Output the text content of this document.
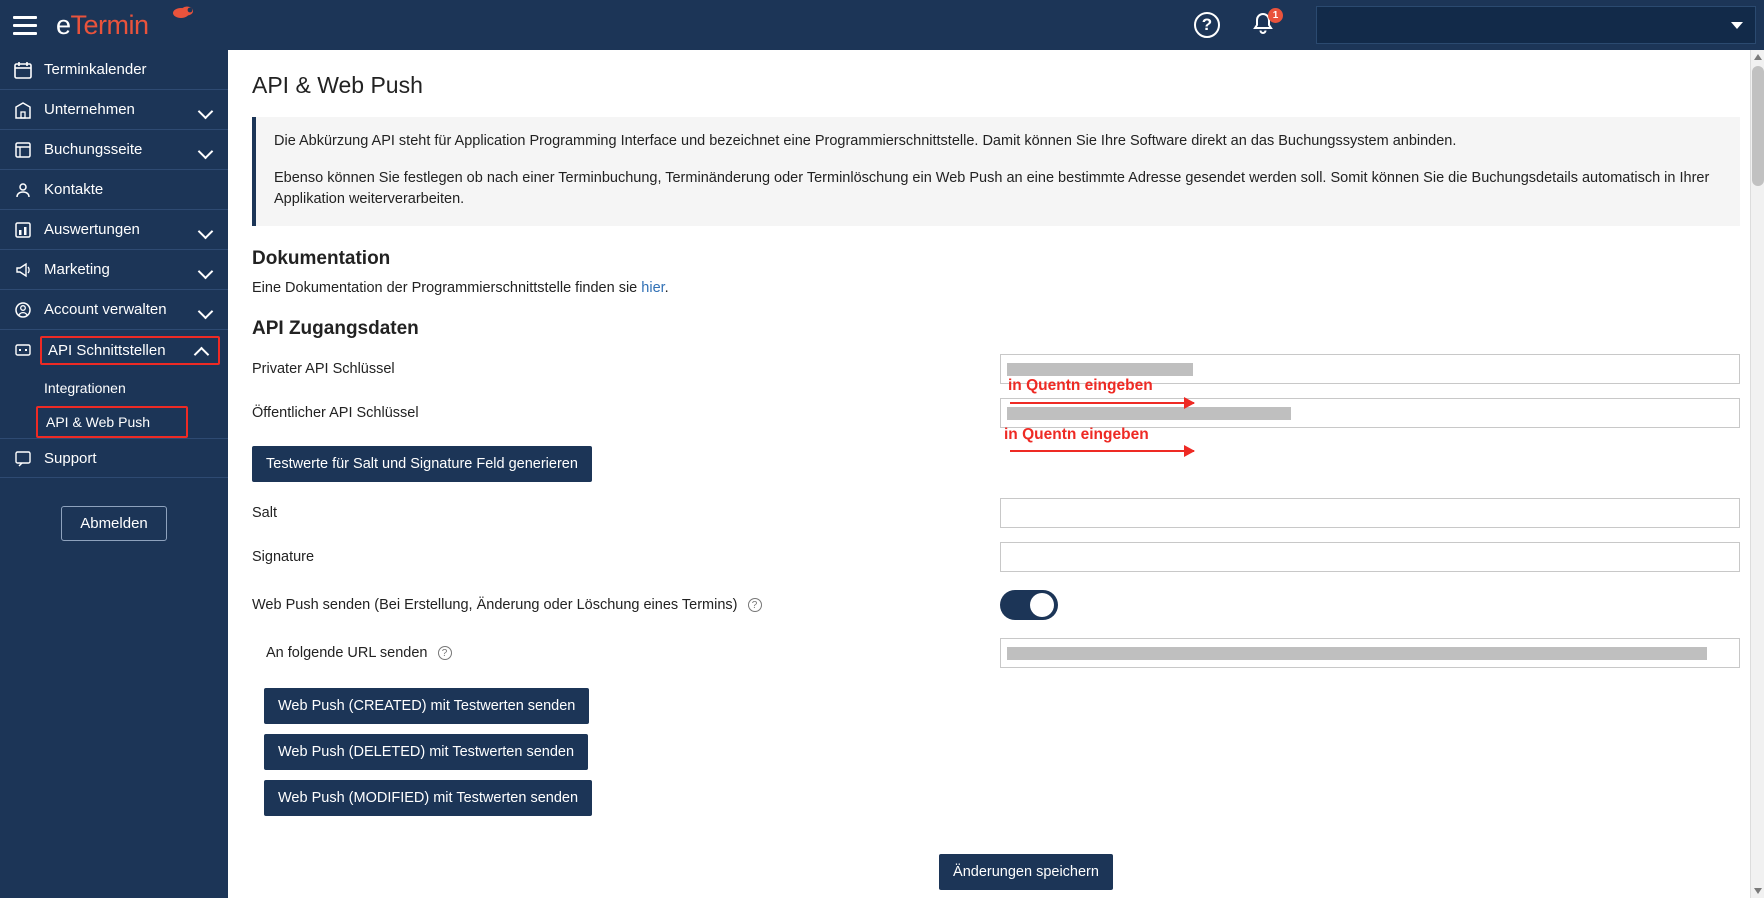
eTermin	?	1
Terminkalender
Unternehmen
Buchungsseite
Kontakte
Auswertungen
Marketing
Account verwalten
API Schnittstellen
Integrationen
API & Web Push
Support
Abmelden
API & Web Push

Die Abkürzung API steht für Application Programming Interface und bezeichnet eine Programmierschnittstelle. Damit können Sie Ihre Software direkt an das Buchungssystem anbinden.

Ebenso können Sie festlegen ob nach einer Terminbuchung, Terminänderung oder Terminlöschung ein Web Push an eine bestimmte Adresse gesendet werden soll. Somit können Sie die Buchungsdetails automatisch in Ihrer Applikation weiterverarbeiten.

Dokumentation
Eine Dokumentation der Programmierschnittstelle finden sie hier.
API Zugangsdaten
Privater API Schlüssel
Öffentlicher API Schlüssel
Testwerte für Salt und Signature Feld generieren
Salt
Signature
Web Push senden (Bei Erstellung, Änderung oder Löschung eines Termins) ?
An folgende URL senden ?
Web Push (CREATED) mit Testwerten senden
Web Push (DELETED) mit Testwerten senden
Web Push (MODIFIED) mit Testwerten senden
Änderungen speichern
in Quentn eingeben
in Quentn eingeben
